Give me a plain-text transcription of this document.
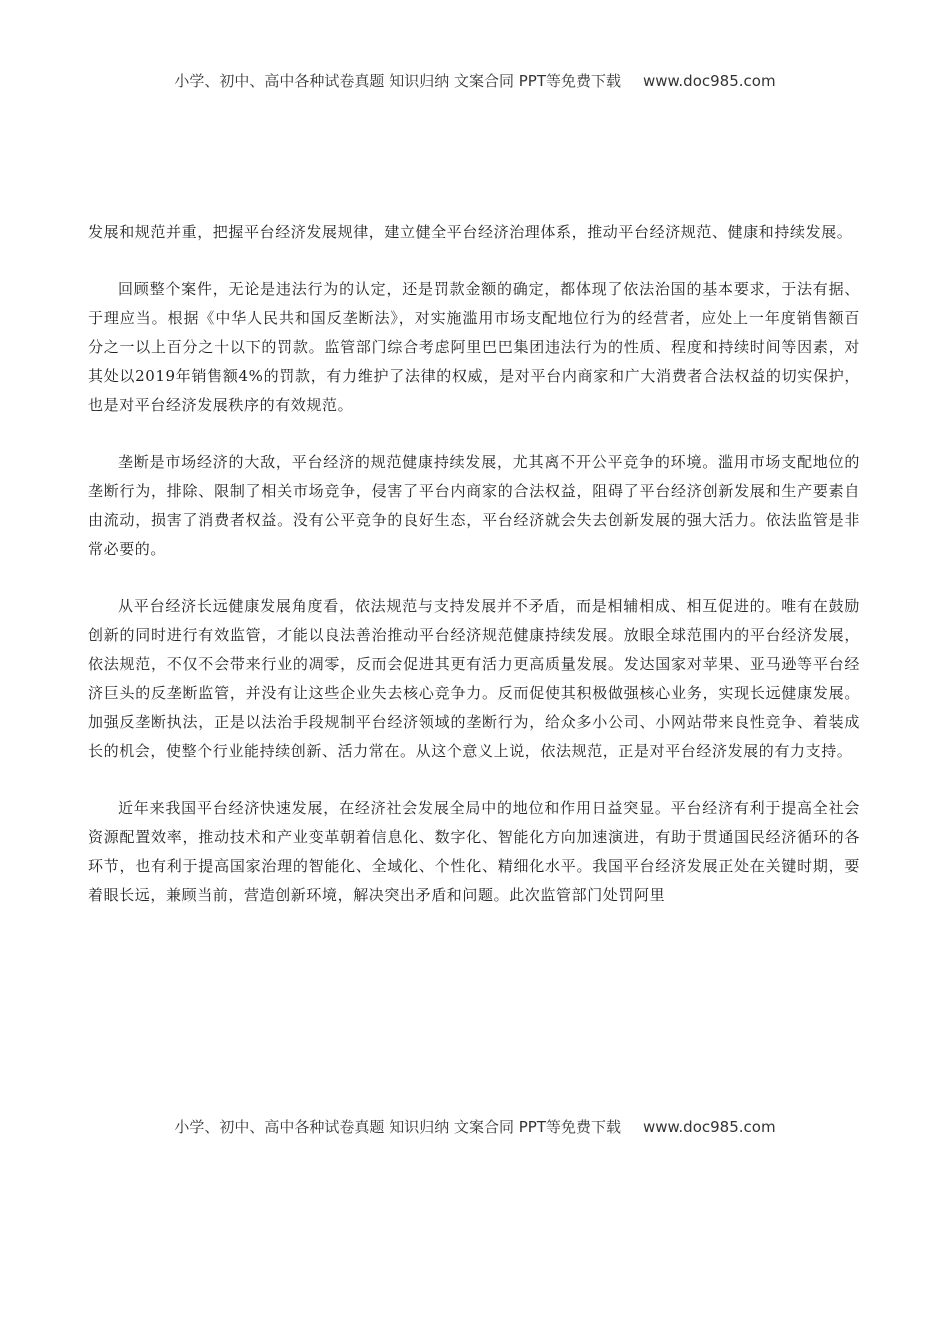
小学、初中、高中各种试卷真题 知识归纳 文案合同 PPT等免费下载 www.doc985.com

发展和规范并重，把握平台经济发展规律，建立健全平台经济治理体系，推动平台经济规范、健康和持续发展。

回顾整个案件，无论是违法行为的认定，还是罚款金额的确定，都体现了依法治国的基本要求，于法有据、于理应当。根据《中华人民共和国反垄断法》，对实施滥用市场支配地位行为的经营者，应处上一年度销售额百分之一以上百分之十以下的罚款。监管部门综合考虑阿里巴巴集团违法行为的性质、程度和持续时间等因素，对其处以2019年销售额4%的罚款，有力维护了法律的权威，是对平台内商家和广大消费者合法权益的切实保护，也是对平台经济发展秩序的有效规范。

垄断是市场经济的大敌，平台经济的规范健康持续发展，尤其离不开公平竞争的环境。滥用市场支配地位的垄断行为，排除、限制了相关市场竞争，侵害了平台内商家的合法权益，阻碍了平台经济创新发展和生产要素自由流动，损害了消费者权益。没有公平竞争的良好生态，平台经济就会失去创新发展的强大活力。依法监管是非常必要的。

从平台经济长远健康发展角度看，依法规范与支持发展并不矛盾，而是相辅相成、相互促进的。唯有在鼓励创新的同时进行有效监管，才能以良法善治推动平台经济规范健康持续发展。放眼全球范围内的平台经济发展，依法规范，不仅不会带来行业的凋零，反而会促进其更有活力更高质量发展。发达国家对苹果、亚马逊等平台经济巨头的反垄断监管，并没有让这些企业失去核心竞争力。反而促使其积极做强核心业务，实现长远健康发展。加强反垄断执法，正是以法治手段规制平台经济领域的垄断行为，给众多小公司、小网站带来良性竞争、着装成长的机会，使整个行业能持续创新、活力常在。从这个意义上说，依法规范，正是对平台经济发展的有力支持。

近年来我国平台经济快速发展，在经济社会发展全局中的地位和作用日益突显。平台经济有利于提高全社会资源配置效率，推动技术和产业变革朝着信息化、数字化、智能化方向加速演进，有助于贯通国民经济循环的各环节，也有利于提高国家治理的智能化、全域化、个性化、精细化水平。我国平台经济发展正处在关键时期，要着眼长远，兼顾当前，营造创新环境，解决突出矛盾和问题。此次监管部门处罚阿里

小学、初中、高中各种试卷真题 知识归纳 文案合同 PPT等免费下载 www.doc985.com
